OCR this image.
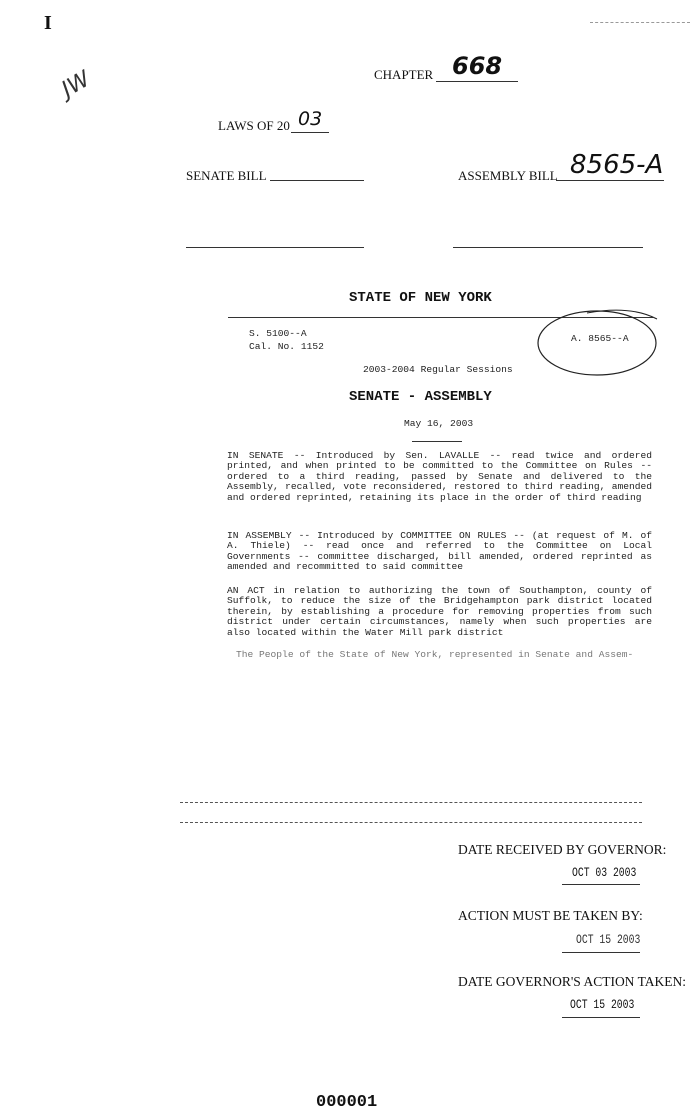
I
JW	CHAPTER 668
LAWS OF 20 03
SENATE BILL	ASSEMBLY BILL 8565-A
STATE OF NEW YORK
S. 5100--A
Cal. No. 1152
A. 8565--A
2003-2004 Regular Sessions
SENATE - ASSEMBLY
May 16, 2003

IN SENATE -- Introduced by Sen. LAVALLE -- read twice and ordered printed, and when printed to be committed to the Committee on Rules -- ordered to a third reading, passed by Senate and delivered to the Assembly, recalled, vote reconsidered, restored to third reading, amended and ordered reprinted, retaining its place in the order of third reading

IN ASSEMBLY -- Introduced by COMMITTEE ON RULES -- (at request of M. of A. Thiele) -- read once and referred to the Committee on Local Governments -- committee discharged, bill amended, ordered reprinted as amended and recommitted to said committee

AN ACT in relation to authorizing the town of Southampton, county of Suffolk, to reduce the size of the Bridgehampton park district located therein, by establishing a procedure for removing properties from such district under certain circumstances, namely when such properties are also located within the Water Mill park district

The People of the State of New York, represented in Senate and Assem-
DATE RECEIVED BY GOVERNOR:
OCT 03 2003
ACTION MUST BE TAKEN BY:
OCT 15 2003
DATE GOVERNOR'S ACTION TAKEN:
OCT 15 2003
000001
